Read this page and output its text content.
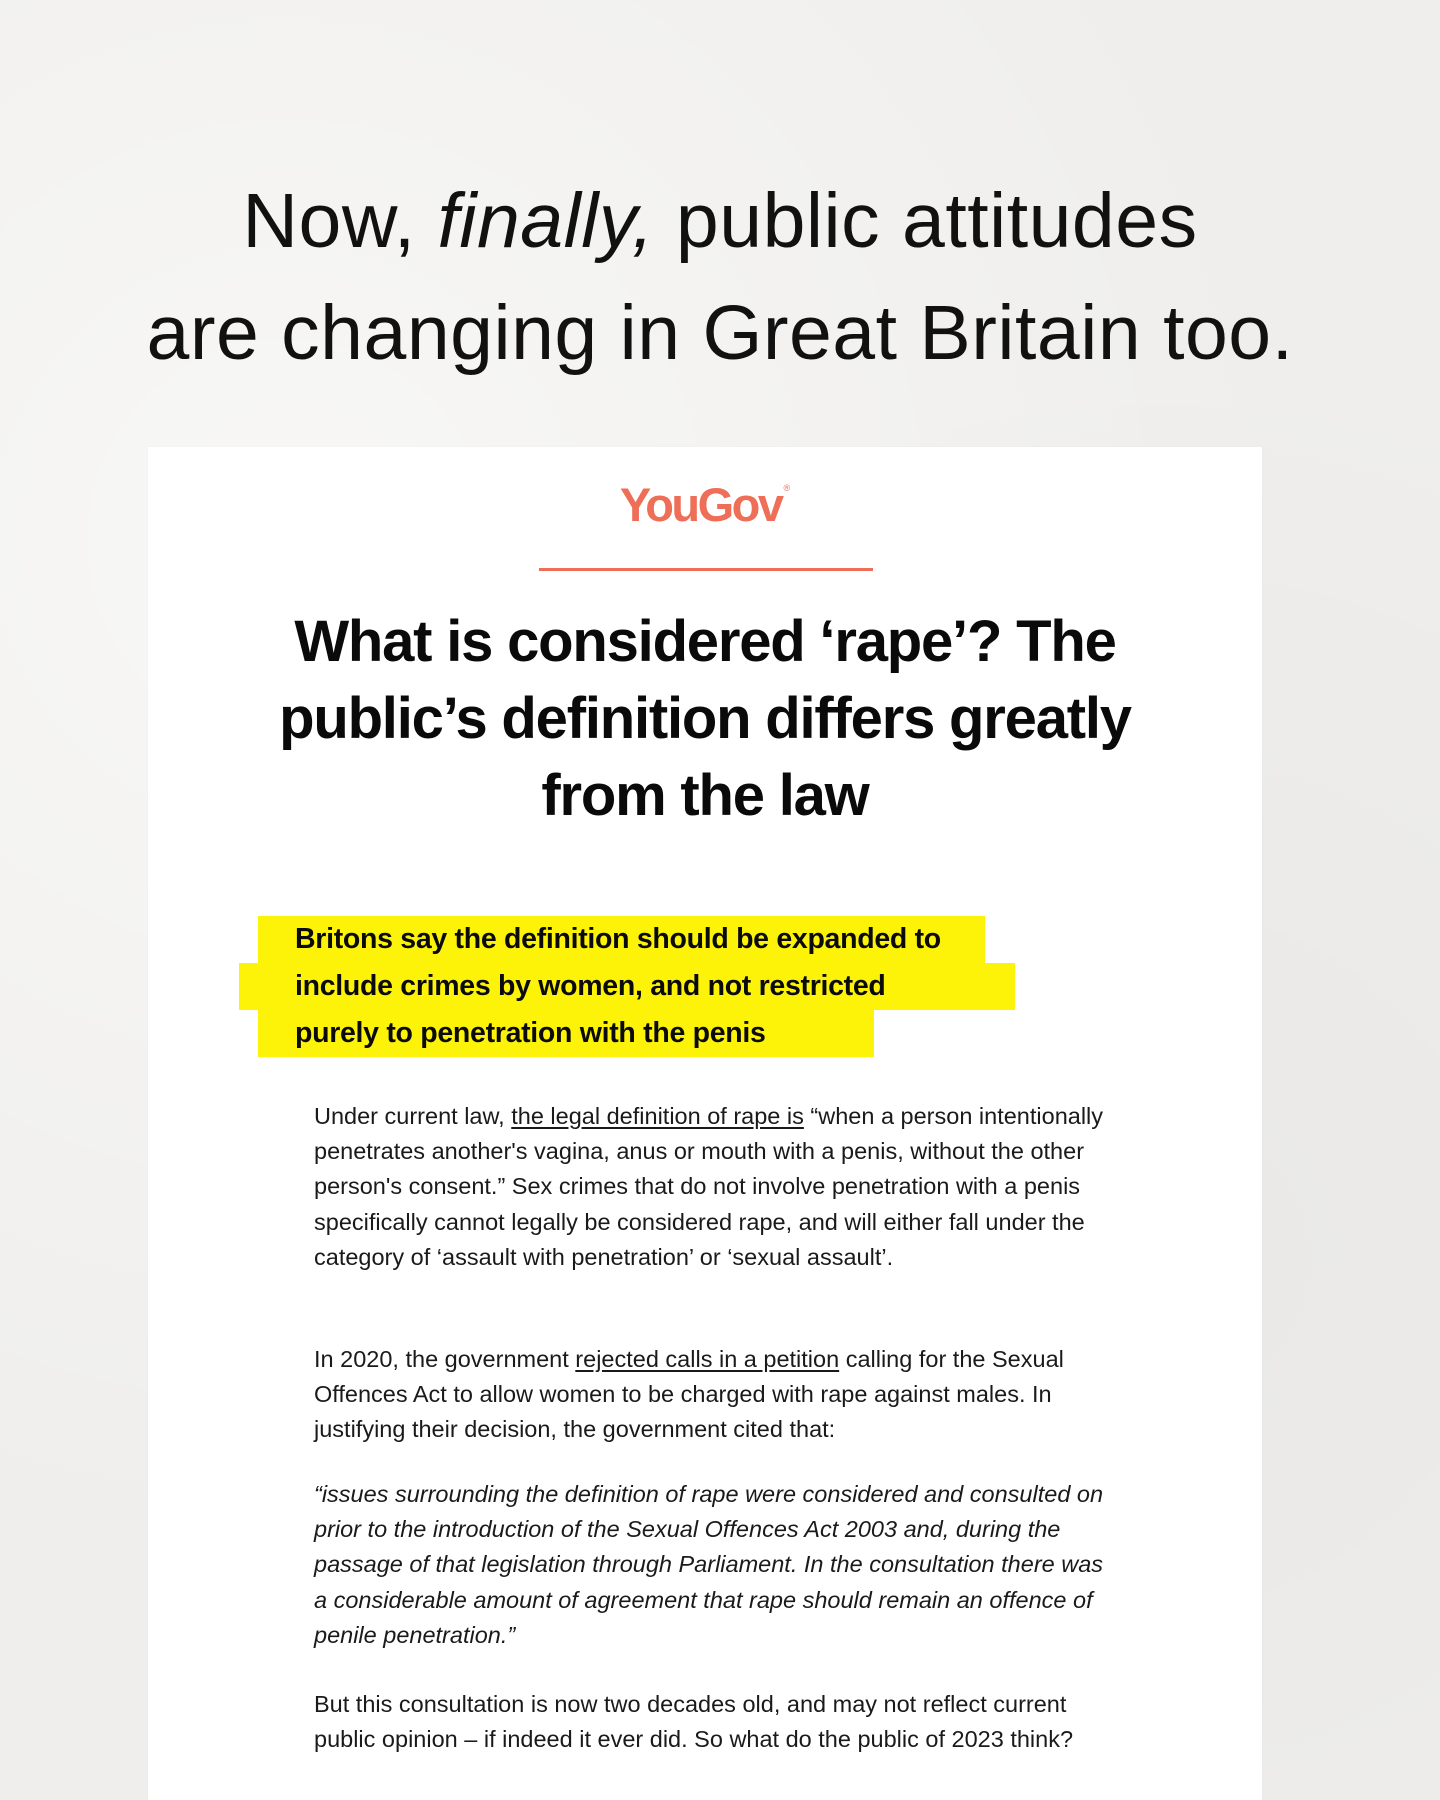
Now, finally, public attitudes
are changing in Great Britain too.
YouGov ®
What is considered ‘rape’? The
public’s definition differs greatly
from the law
Britons say the definition should be expanded to
include crimes by women, and not restricted
purely to penetration with the penis

Under current law, the legal definition of rape is “when a person intentionally penetrates another's vagina, anus or mouth with a penis, without the other person's consent.” Sex crimes that do not involve penetration with a penis specifically cannot legally be considered rape, and will either fall under the category of ‘assault with penetration’ or ‘sexual assault’.

In 2020, the government rejected calls in a petition calling for the Sexual Offences Act to allow women to be charged with rape against males. In justifying their decision, the government cited that:

“issues surrounding the definition of rape were considered and consulted on prior to the introduction of the Sexual Offences Act 2003 and, during the passage of that legislation through Parliament. In the consultation there was a considerable amount of agreement that rape should remain an offence of penile penetration.”

But this consultation is now two decades old, and may not reflect current public opinion – if indeed it ever did. So what do the public of 2023 think?
